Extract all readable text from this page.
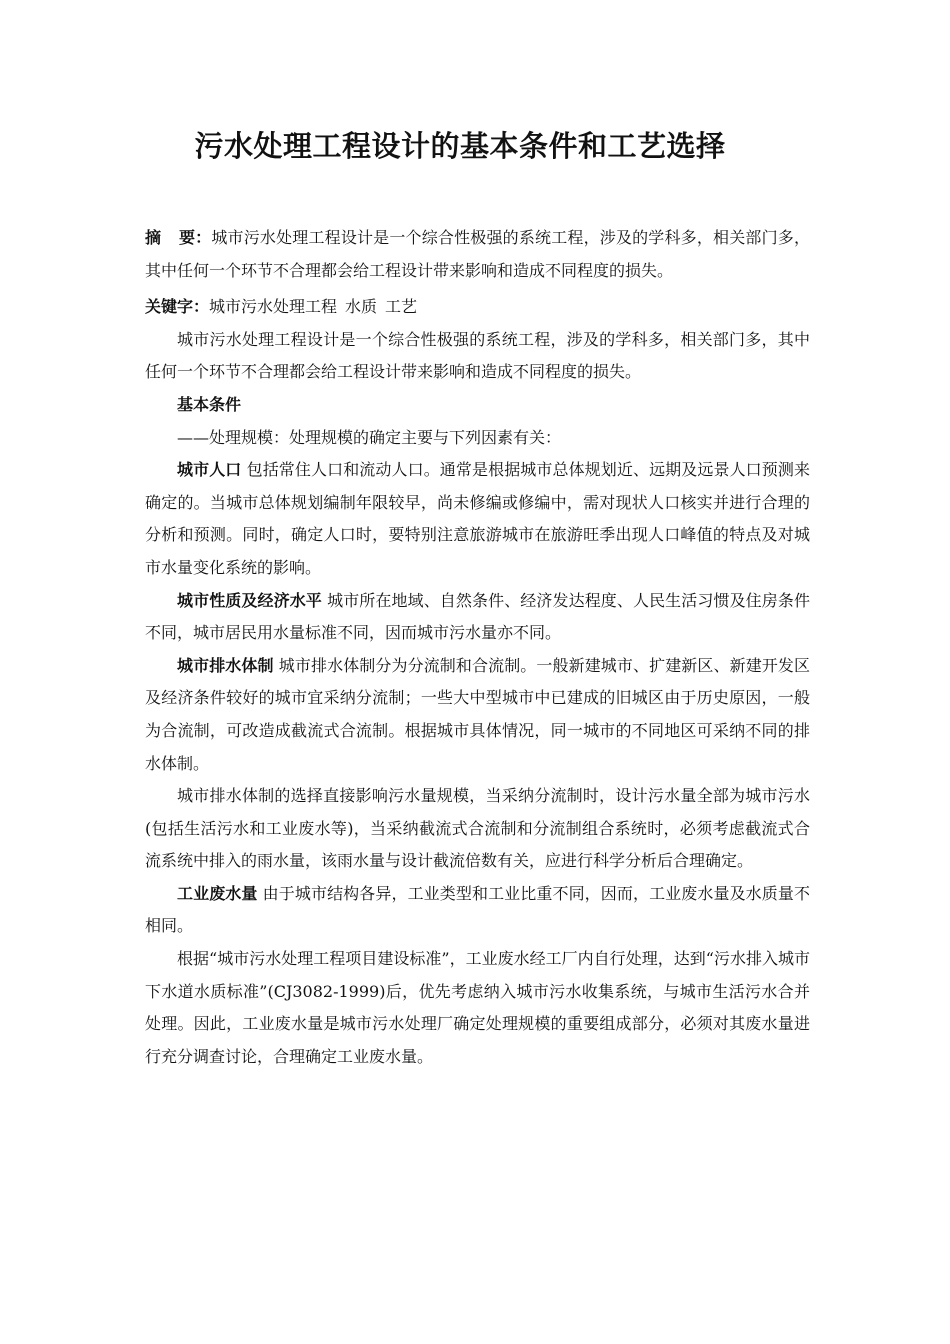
污水处理工程设计的基本条件和工艺选择

摘 要：城市污水处理工程设计是一个综合性极强的系统工程，涉及的学科多，相关部门多，其中任何一个环节不合理都会给工程设计带来影响和造成不同程度的损失。

关键字：城市污水处理工程 水质 工艺

城市污水处理工程设计是一个综合性极强的系统工程，涉及的学科多，相关部门多，其中任何一个环节不合理都会给工程设计带来影响和造成不同程度的损失。

基本条件

——处理规模：处理规模的确定主要与下列因素有关：

城市人口 包括常住人口和流动人口。通常是根据城市总体规划近、远期及远景人口预测来确定的。当城市总体规划编制年限较早，尚未修编或修编中，需对现状人口核实并进行合理的分析和预测。同时，确定人口时，要特别注意旅游城市在旅游旺季出现人口峰值的特点及对城市水量变化系统的影响。

城市性质及经济水平 城市所在地域、自然条件、经济发达程度、人民生活习惯及住房条件不同，城市居民用水量标准不同，因而城市污水量亦不同。

城市排水体制 城市排水体制分为分流制和合流制。一般新建城市、扩建新区、新建开发区及经济条件较好的城市宜采纳分流制；一些大中型城市中已建成的旧城区由于历史原因，一般为合流制，可改造成截流式合流制。根据城市具体情况，同一城市的不同地区可采纳不同的排水体制。

城市排水体制的选择直接影响污水量规模，当采纳分流制时，设计污水量全部为城市污水(包括生活污水和工业废水等)，当采纳截流式合流制和分流制组合系统时，必须考虑截流式合流系统中排入的雨水量，该雨水量与设计截流倍数有关，应进行科学分析后合理确定。

工业废水量 由于城市结构各异，工业类型和工业比重不同，因而，工业废水量及水质量不相同。

根据“城市污水处理工程项目建设标准”，工业废水经工厂内自行处理，达到“污水排入城市下水道水质标准”(CJ3082-1999)后，优先考虑纳入城市污水收集系统，与城市生活污水合并处理。因此，工业废水量是城市污水处理厂确定处理规模的重要组成部分，必须对其废水量进行充分调查讨论，合理确定工业废水量。
